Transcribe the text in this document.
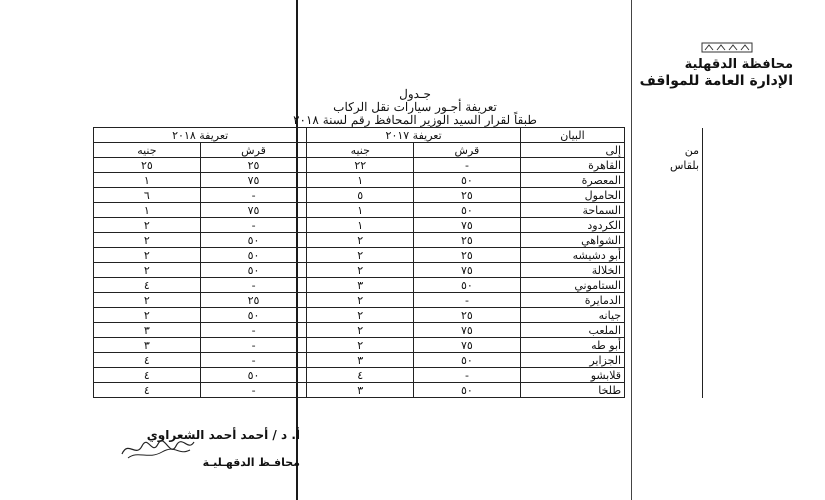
محافظة الدقهلية
الإدارة العامة للمواقف
جـدول
تعريفة أجـور سيارات نقل الركاب
طبقاً لقرار السيد الوزير المحافظ رقم لسنة ٢٠١٨
	البيان	تعريفة ٢٠١٧		تعريفة ٢٠١٨	
من	إلى	قرش	جنيه	قرش	جنيه
بلقاس	القاهرة	-	٢٢	٢٥	٢٥
	المعصرة	٥٠	١	٧٥	١
	الحامول	٢٥	٥	-	٦
	السماحة	٥٠	١	٧٥	١
	الكردود	٧٥	١	-	٢
	الشواهي	٢٥	٢	٥٠	٢
	أبو دشيشه	٢٥	٢	٥٠	٢
	الخلالة	٧٥	٢	٥٠	٢
	الستاموني	٥٠	٣	-	٤
	الدمايرة	-	٢	٢٥	٢
	جيانه	٢٥	٢	٥٠	٢
	الملعب	٧٥	٢	-	٣
	أبو طه	٧٥	٢	-	٣
	الجزاير	٥٠	٣	-	٤
	قلابشو	-	٤	٥٠	٤
	طلخا	٥٠	٣	-	٤
أ. د / أحمد أحمد الشعراوي
محافـظ الدقهـليـة
